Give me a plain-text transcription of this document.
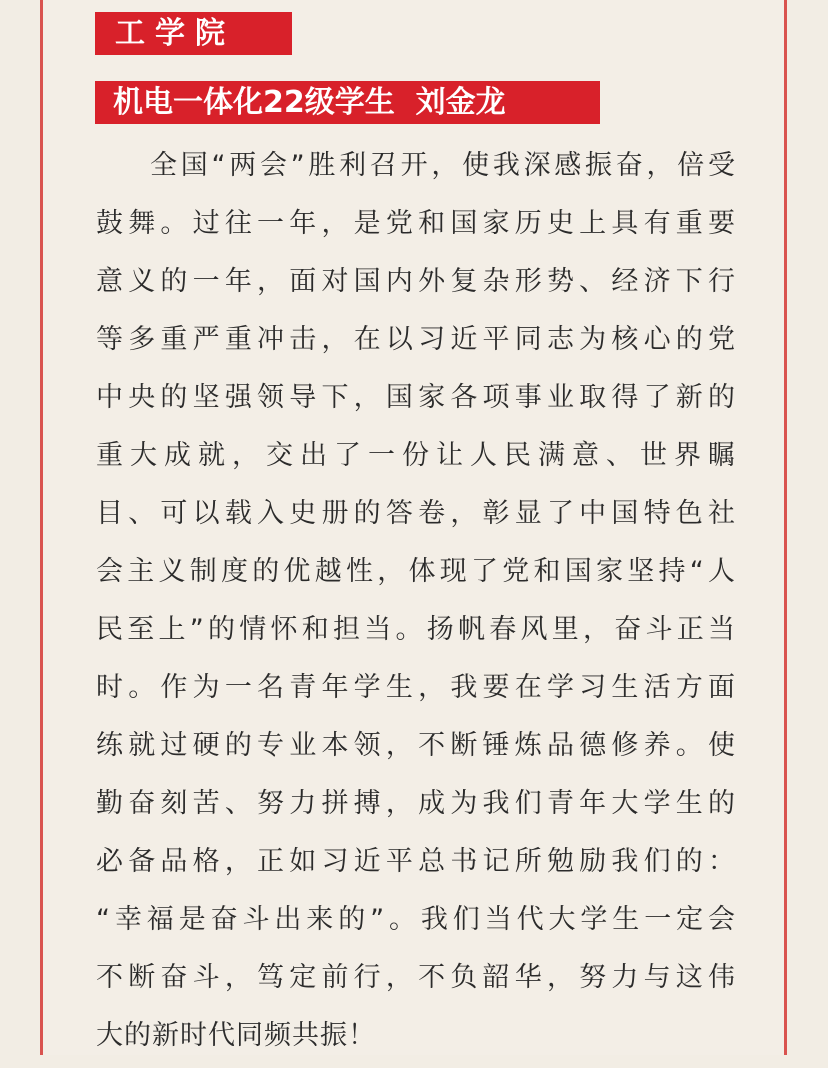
工学院
机电一体化22级学生  刘金龙
全国“两会”胜利召开，使我深感振奋，倍受
鼓舞。过往一年，是党和国家历史上具有重要
意义的一年，面对国内外复杂形势、经济下行
等多重严重冲击，在以习近平同志为核心的党
中央的坚强领导下，国家各项事业取得了新的
重大成就，交出了一份让人民满意、世界瞩
目、可以载入史册的答卷，彰显了中国特色社
会主义制度的优越性，体现了党和国家坚持“人
民至上”的情怀和担当。扬帆春风里，奋斗正当
时。作为一名青年学生，我要在学习生活方面
练就过硬的专业本领，不断锤炼品德修养。使
勤奋刻苦、努力拼搏，成为我们青年大学生的
必备品格，正如习近平总书记所勉励我们的：
“幸福是奋斗出来的”。我们当代大学生一定会
不断奋斗，笃定前行，不负韶华，努力与这伟
大的新时代同频共振！
